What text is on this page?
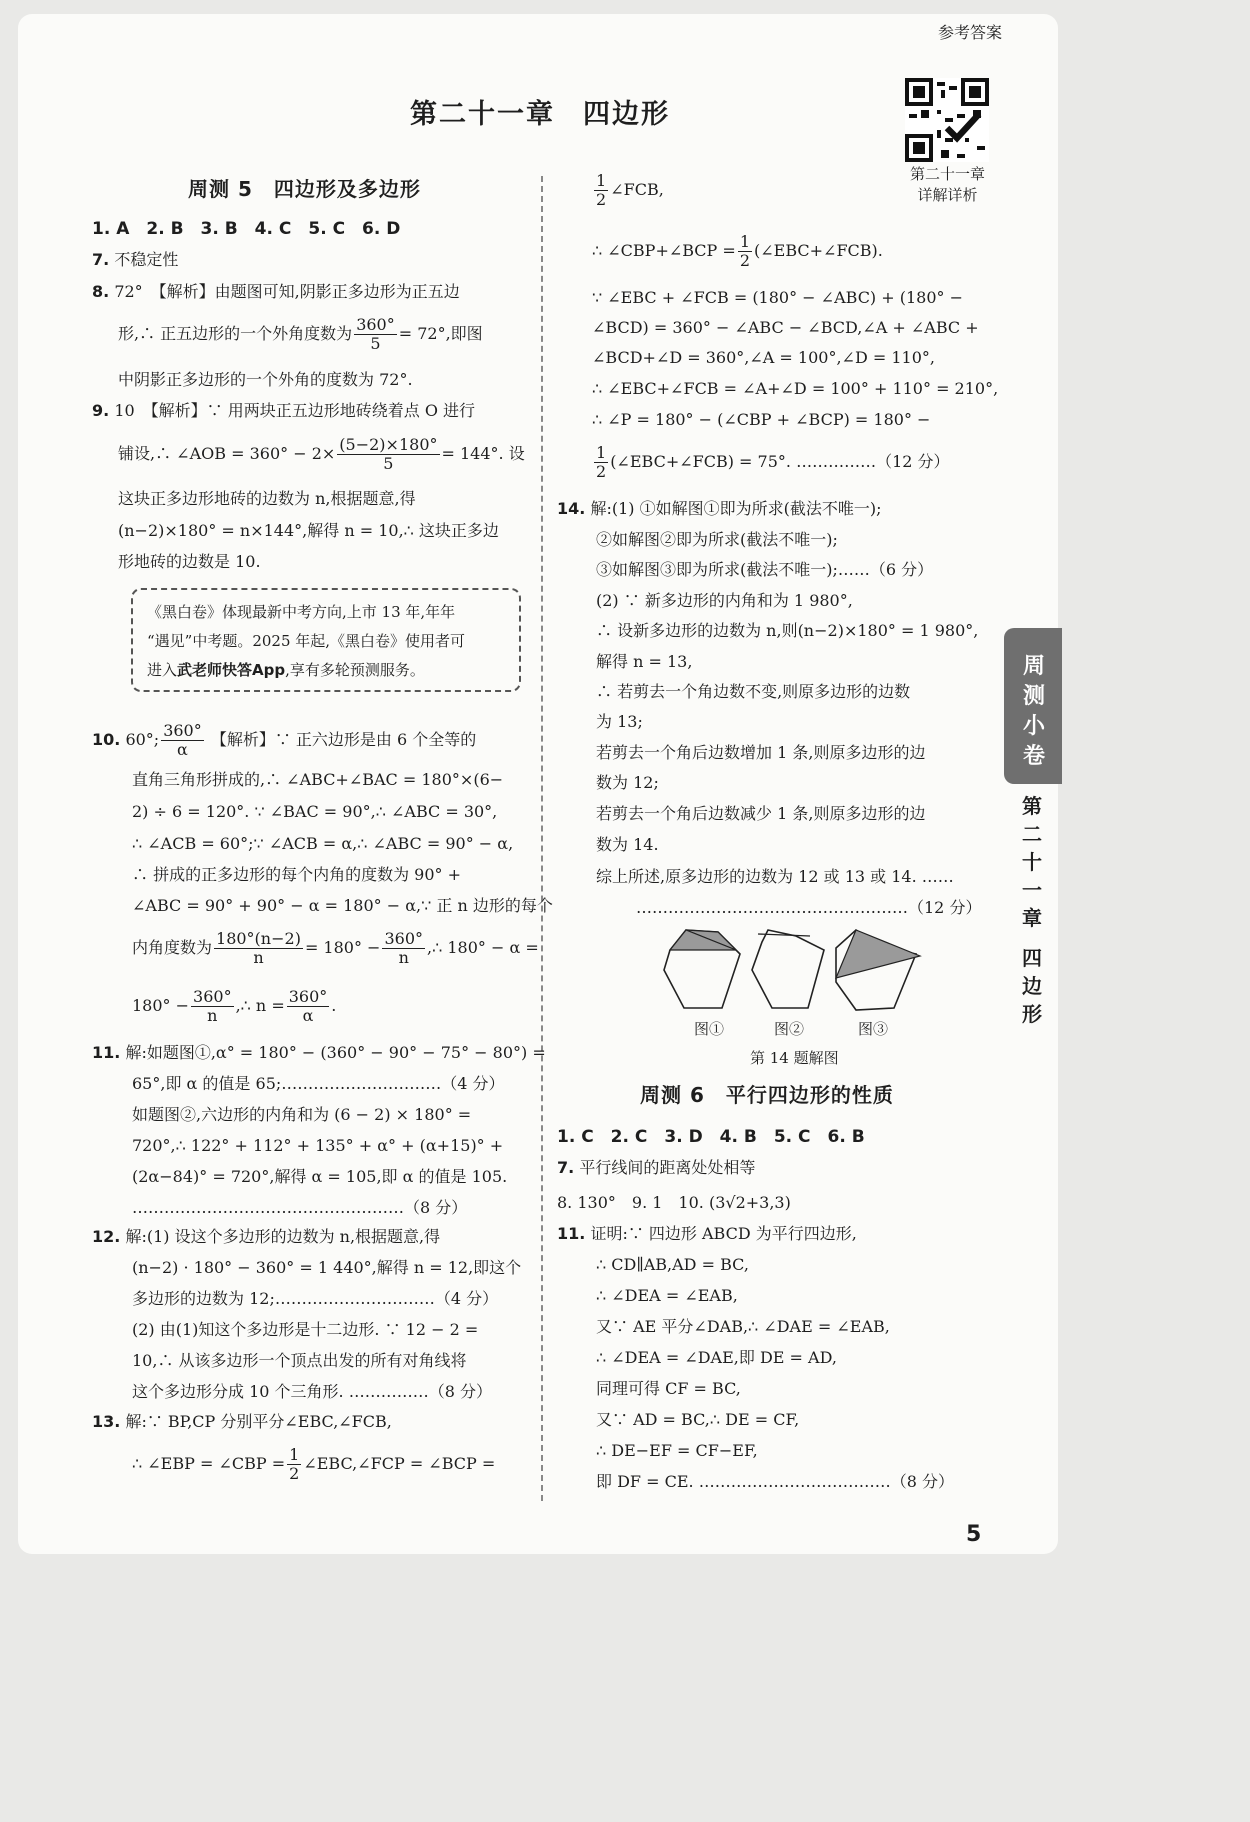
参考答案
第二十一章 四边形
第二十一章
详解详析
周测 5　四边形及多边形
1. A　2. B　3. B　4. C　5. C　6. D
7. 不稳定性
8. 72°　【解析】由题图可知,阴影正多边形为正五边
形,∴ 正五边形的一个外角度数为 $\frac{360^\circ}{5} = 72^\circ$,即图
中阴影正多边形的一个外角的度数为 72°.
9. 10　【解析】∵ 用两块正五边形地砖绕着点 O 进行
铺设,∴ ∠AOB = $360^\circ - 2\times \frac{(5-2)\times 180^\circ}{5} = 144^\circ$. 设
这块正多边形地砖的边数为 n,根据题意,得
(n−2)×180° = n×144°,解得 n = 10,∴ 这块正多边
形地砖的边数是 10.
《黑白卷》体现最新中考方向,上市 13 年,年年
“遇见”中考题。2025 年起,《黑白卷》使用者可
进入武老师快答App,享有多轮预测服务。
10. 60°; $\frac{360^\circ}{\alpha}$ 【解析】∵ 正六边形是由 6 个全等的
直角三角形拼成的,∴ ∠ABC+∠BAC = 180°×(6−
2) ÷ 6 = 120°. ∵ ∠BAC = 90°,∴ ∠ABC = 30°,
∴ ∠ACB = 60°;∵ ∠ACB = α,∴ ∠ABC = 90° − α,
∴ 拼成的正多边形的每个内角的度数为 90° +
∠ABC = 90° + 90° − α = 180° − α,∵ 正 n 边形的每个
内角度数为 $\frac{180^\circ(n-2)}{n} = 180^\circ - \frac{360^\circ}{n}$ ,∴ 180° − α =
$180^\circ - \frac{360^\circ}{n}$ ,∴ $n = \frac{360^\circ}{\alpha}$ .
11. 解:如题图①,α° = 180° − (360° − 90° − 75° − 80°) =
65°,即 α 的值是 65;…………………………（4 分）
如题图②,六边形的内角和为 (6 − 2) × 180° =
720°,∴ 122° + 112° + 135° + α° + (α+15)° +
(2α−84)° = 720°,解得 α = 105,即 α 的值是 105.
……………………………………………（8 分）
12. 解:(1) 设这个多边形的边数为 n,根据题意,得
(n−2) · 180° − 360° = 1 440°,解得 n = 12,即这个
多边形的边数为 12;…………………………（4 分）
(2) 由(1)知这个多边形是十二边形. ∵ 12 − 2 =
10,∴ 从该多边形一个顶点出发的所有对角线将
这个多边形分成 10 个三角形. ……………（8 分）
13. 解:∵ BP,CP 分别平分∠EBC,∠FCB,
∴ ∠EBP = ∠CBP = $\frac{1}{2}$ ∠EBC,∠FCP = ∠BCP =
$\frac{1}{2}$ ∠FCB,
∴ ∠CBP+∠BCP = $\frac{1}{2}$ (∠EBC+∠FCB).
∵ ∠EBC + ∠FCB = (180° − ∠ABC) + (180° −
∠BCD) = 360° − ∠ABC − ∠BCD,∠A + ∠ABC +
∠BCD+∠D = 360°,∠A = 100°,∠D = 110°,
∴ ∠EBC+∠FCB = ∠A+∠D = 100° + 110° = 210°,
∴ ∠P = 180° − (∠CBP + ∠BCP) = 180° −
$\frac{1}{2}$ (∠EBC+∠FCB) = 75°. ……………（12 分）
14. 解:(1) ①如解图①即为所求(截法不唯一);
②如解图②即为所求(截法不唯一);
③如解图③即为所求(截法不唯一);……（6 分）
(2) ∵ 新多边形的内角和为 1 980°,
∴ 设新多边形的边数为 n,则(n−2)×180° = 1 980°,
解得 n = 13,
∴ 若剪去一个角边数不变,则原多边形的边数
为 13;
若剪去一个角后边数增加 1 条,则原多边形的边
数为 12;
若剪去一个角后边数减少 1 条,则原多边形的边
数为 14.
综上所述,原多边形的边数为 12 或 13 或 14. ……
……………………………………………（12 分）
图①	图②	图③
第 14 题解图
周测 6　平行四边形的性质
1. C　2. C　3. D　4. B　5. C　6. B
7. 平行线间的距离处处相等
8. 130°　9. 1　10. (3√2+3,3)
11. 证明:∵ 四边形 ABCD 为平行四边形,
∴ CD∥AB,AD = BC,
∴ ∠DEA = ∠EAB,
又∵ AE 平分∠DAB,∴ ∠DAE = ∠EAB,
∴ ∠DEA = ∠DAE,即 DE = AD,
同理可得 CF = BC,
又∵ AD = BC,∴ DE = CF,
∴ DE−EF = CF−EF,
即 DF = CE. ………………………………（8 分）
周
测
小
卷
第
二
十
一
章
四
边
形
5
